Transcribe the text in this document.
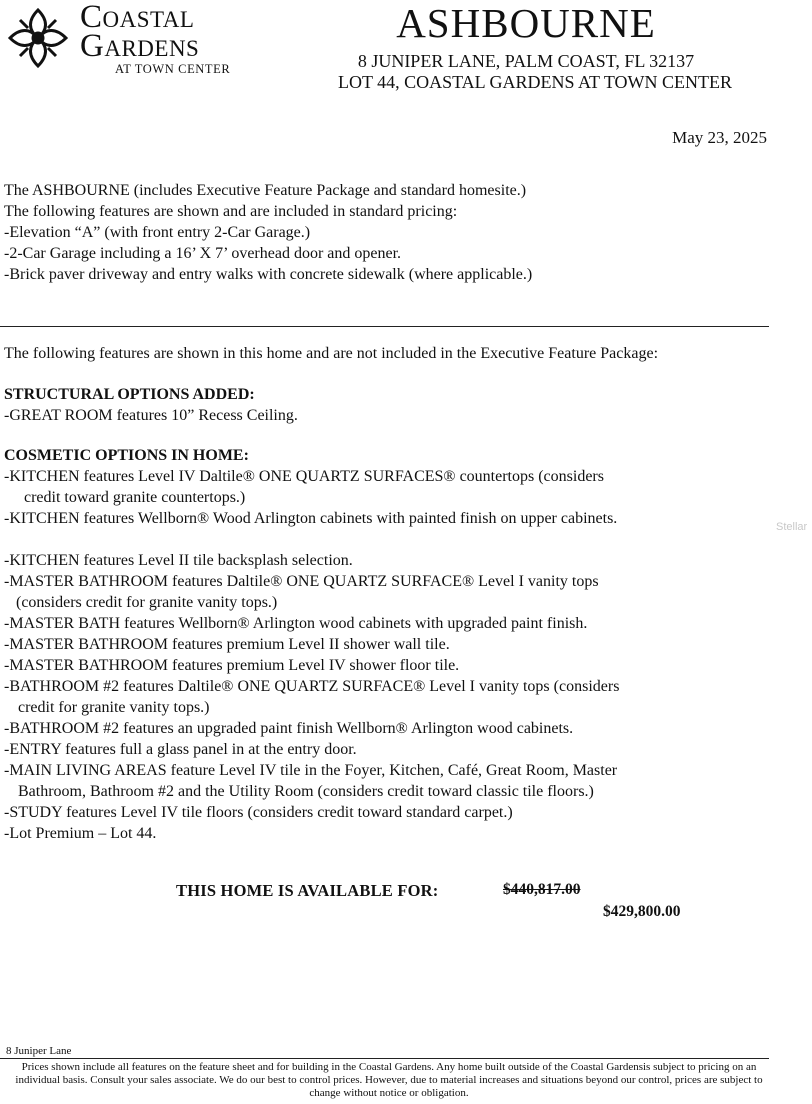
Coastal
Gardens
AT TOWN CENTER
ASHBOURNE
8 JUNIPER LANE, PALM COAST, FL 32137
LOT 44, COASTAL GARDENS AT TOWN CENTER
May 23, 2025
The ASHBOURNE (includes Executive Feature Package and standard homesite.)
The following features are shown and are included in standard pricing:
-Elevation “A” (with front entry 2-Car Garage.)
-2-Car Garage including a 16’ X 7’ overhead door and opener.
-Brick paver driveway and entry walks with concrete sidewalk (where applicable.)
The following features are shown in this home and are not included in the Executive Feature Package:
STRUCTURAL OPTIONS ADDED:
-GREAT ROOM features 10” Recess Ceiling.
COSMETIC OPTIONS IN HOME:
-KITCHEN features Level IV Daltile® ONE QUARTZ SURFACES® countertops (considers
credit toward granite countertops.)
-KITCHEN features Wellborn® Wood Arlington cabinets with painted finish on upper cabinets.
-KITCHEN features Level II tile backsplash selection.
-MASTER BATHROOM features Daltile® ONE QUARTZ SURFACE® Level I vanity tops
(considers credit for granite vanity tops.)
-MASTER BATH features Wellborn® Arlington wood cabinets with upgraded paint finish.
-MASTER BATHROOM features premium Level II shower wall tile.
-MASTER BATHROOM features premium Level IV shower floor tile.
-BATHROOM #2 features Daltile® ONE QUARTZ SURFACE® Level I vanity tops (considers
credit for granite vanity tops.)
-BATHROOM #2 features an upgraded paint finish Wellborn® Arlington wood cabinets.
-ENTRY features full a glass panel in at the entry door.
-MAIN LIVING AREAS feature Level IV tile in the Foyer, Kitchen, Café, Great Room, Master
Bathroom, Bathroom #2 and the Utility Room (considers credit toward classic tile floors.)
-STUDY features Level IV tile floors (considers credit toward standard carpet.)
-Lot Premium – Lot 44.
THIS HOME IS AVAILABLE FOR:	$440,817.00
$429,800.00
Stellar
8 Juniper Lane
Prices shown include all features on the feature sheet and for building in the Coastal Gardens. Any home built outside of the Coastal Gardensis subject to pricing on an individual basis. Consult your sales associate. We do our best to control prices. However, due to material increases and situations beyond our control, prices are subject to change without notice or obligation.
